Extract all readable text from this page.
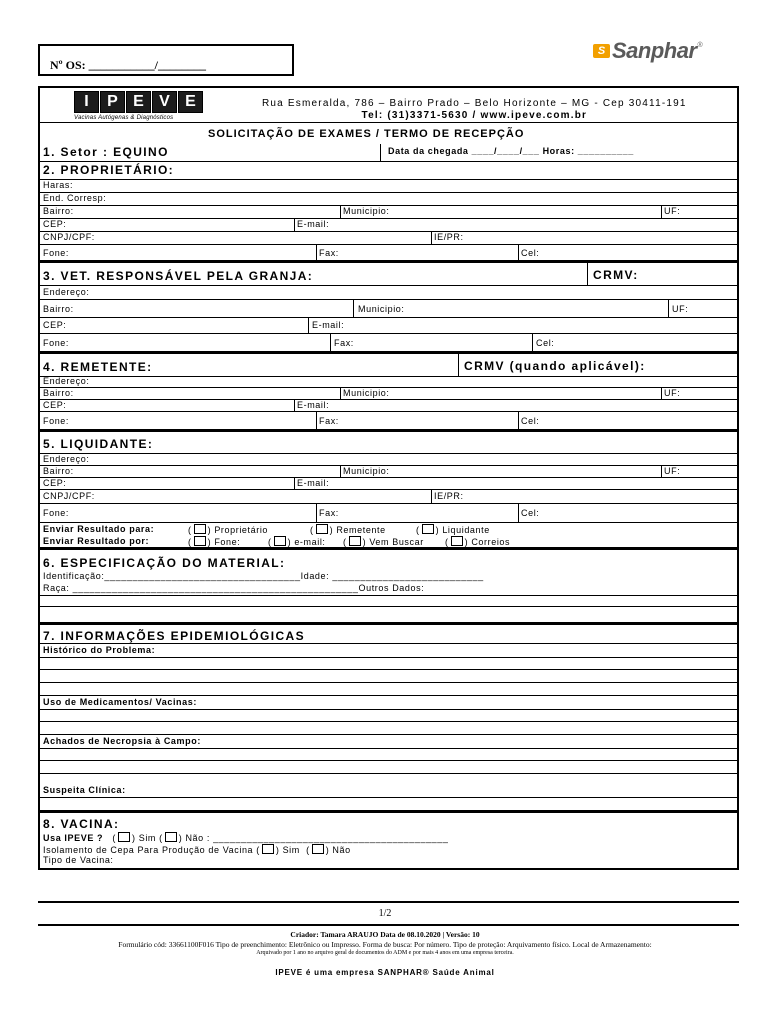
Nº OS: ___________/________
S Sanphar ®
I	P E V E
Vacinas Autógenas & Diagnósticos
Rua Esmeralda, 786 – Bairro Prado – Belo Horizonte – MG - Cep 30411-191
Tel: (31)3371-5630 / www.ipeve.com.br
SOLICITAÇÃO DE EXAMES / TERMO DE RECEPÇÃO
1. Setor : EQUINO	Data da chegada ____/____/___ Horas: __________
2. PROPRIETÁRIO:
Haras:
End. Corresp:
Bairro:	Municipio:	UF:
CEP:	E-mail:
CNPJ/CPF:	IE/PR:
Fone:	Fax:	Cel:
3. VET. RESPONSÁVEL PELA GRANJA:	CRMV:
Endereço:
Bairro:	Municipio:	UF:
CEP:	E-mail:
Fone:	Fax:	Cel:
4. REMETENTE:	CRMV (quando aplicável):
Endereço:
Bairro:	Municipio:	UF:
CEP:	E-mail:
Fone:	Fax:	Cel:
5. LIQUIDANTE:
Endereço:
Bairro:	Municipio:	UF:
CEP:	E-mail:
CNPJ/CPF:	IE/PR:
Fone:	Fax:	Cel:
Enviar Resultado para:	( ) Proprietário	( ) Remetente	( ) Liquidante
Enviar Resultado por:	( ) Fone:	( ) e-mail: ( ) Vem Buscar ( ) Correios
6. ESPECIFICAÇÃO DO MATERIAL:
Identificação:___________________________________Idade: ___________________________
Raça: ___________________________________________________Outros Dados:
7. INFORMAÇÕES EPIDEMIOLÓGICAS
Histórico do Problema:
Uso de Medicamentos/ Vacinas:
Achados de Necropsia à Campo:
Suspeita Clínica:
8. VACINA:
Usa IPEVE ?   ( ) Sim ( ) Não : __________________________________________
Isolamento de Cepa Para Produção de Vacina ( ) Sim  ( ) Não
Tipo de Vacina:
1/2
Criador: Tamara ARAUJO Data de 08.10.2020 | Versão: 10
Formulário cód: 33661100F016 Tipo de preenchimento: Eletrônico ou Impresso. Forma de busca: Por número. Tipo de proteção: Arquivamento físico. Local de Armazenamento:
Arquivado por 1 ano no arquivo geral de documentos do ADM e por mais 4 anos em uma empresa terceira.
IPEVE é uma empresa SANPHAR® Saúde Animal
